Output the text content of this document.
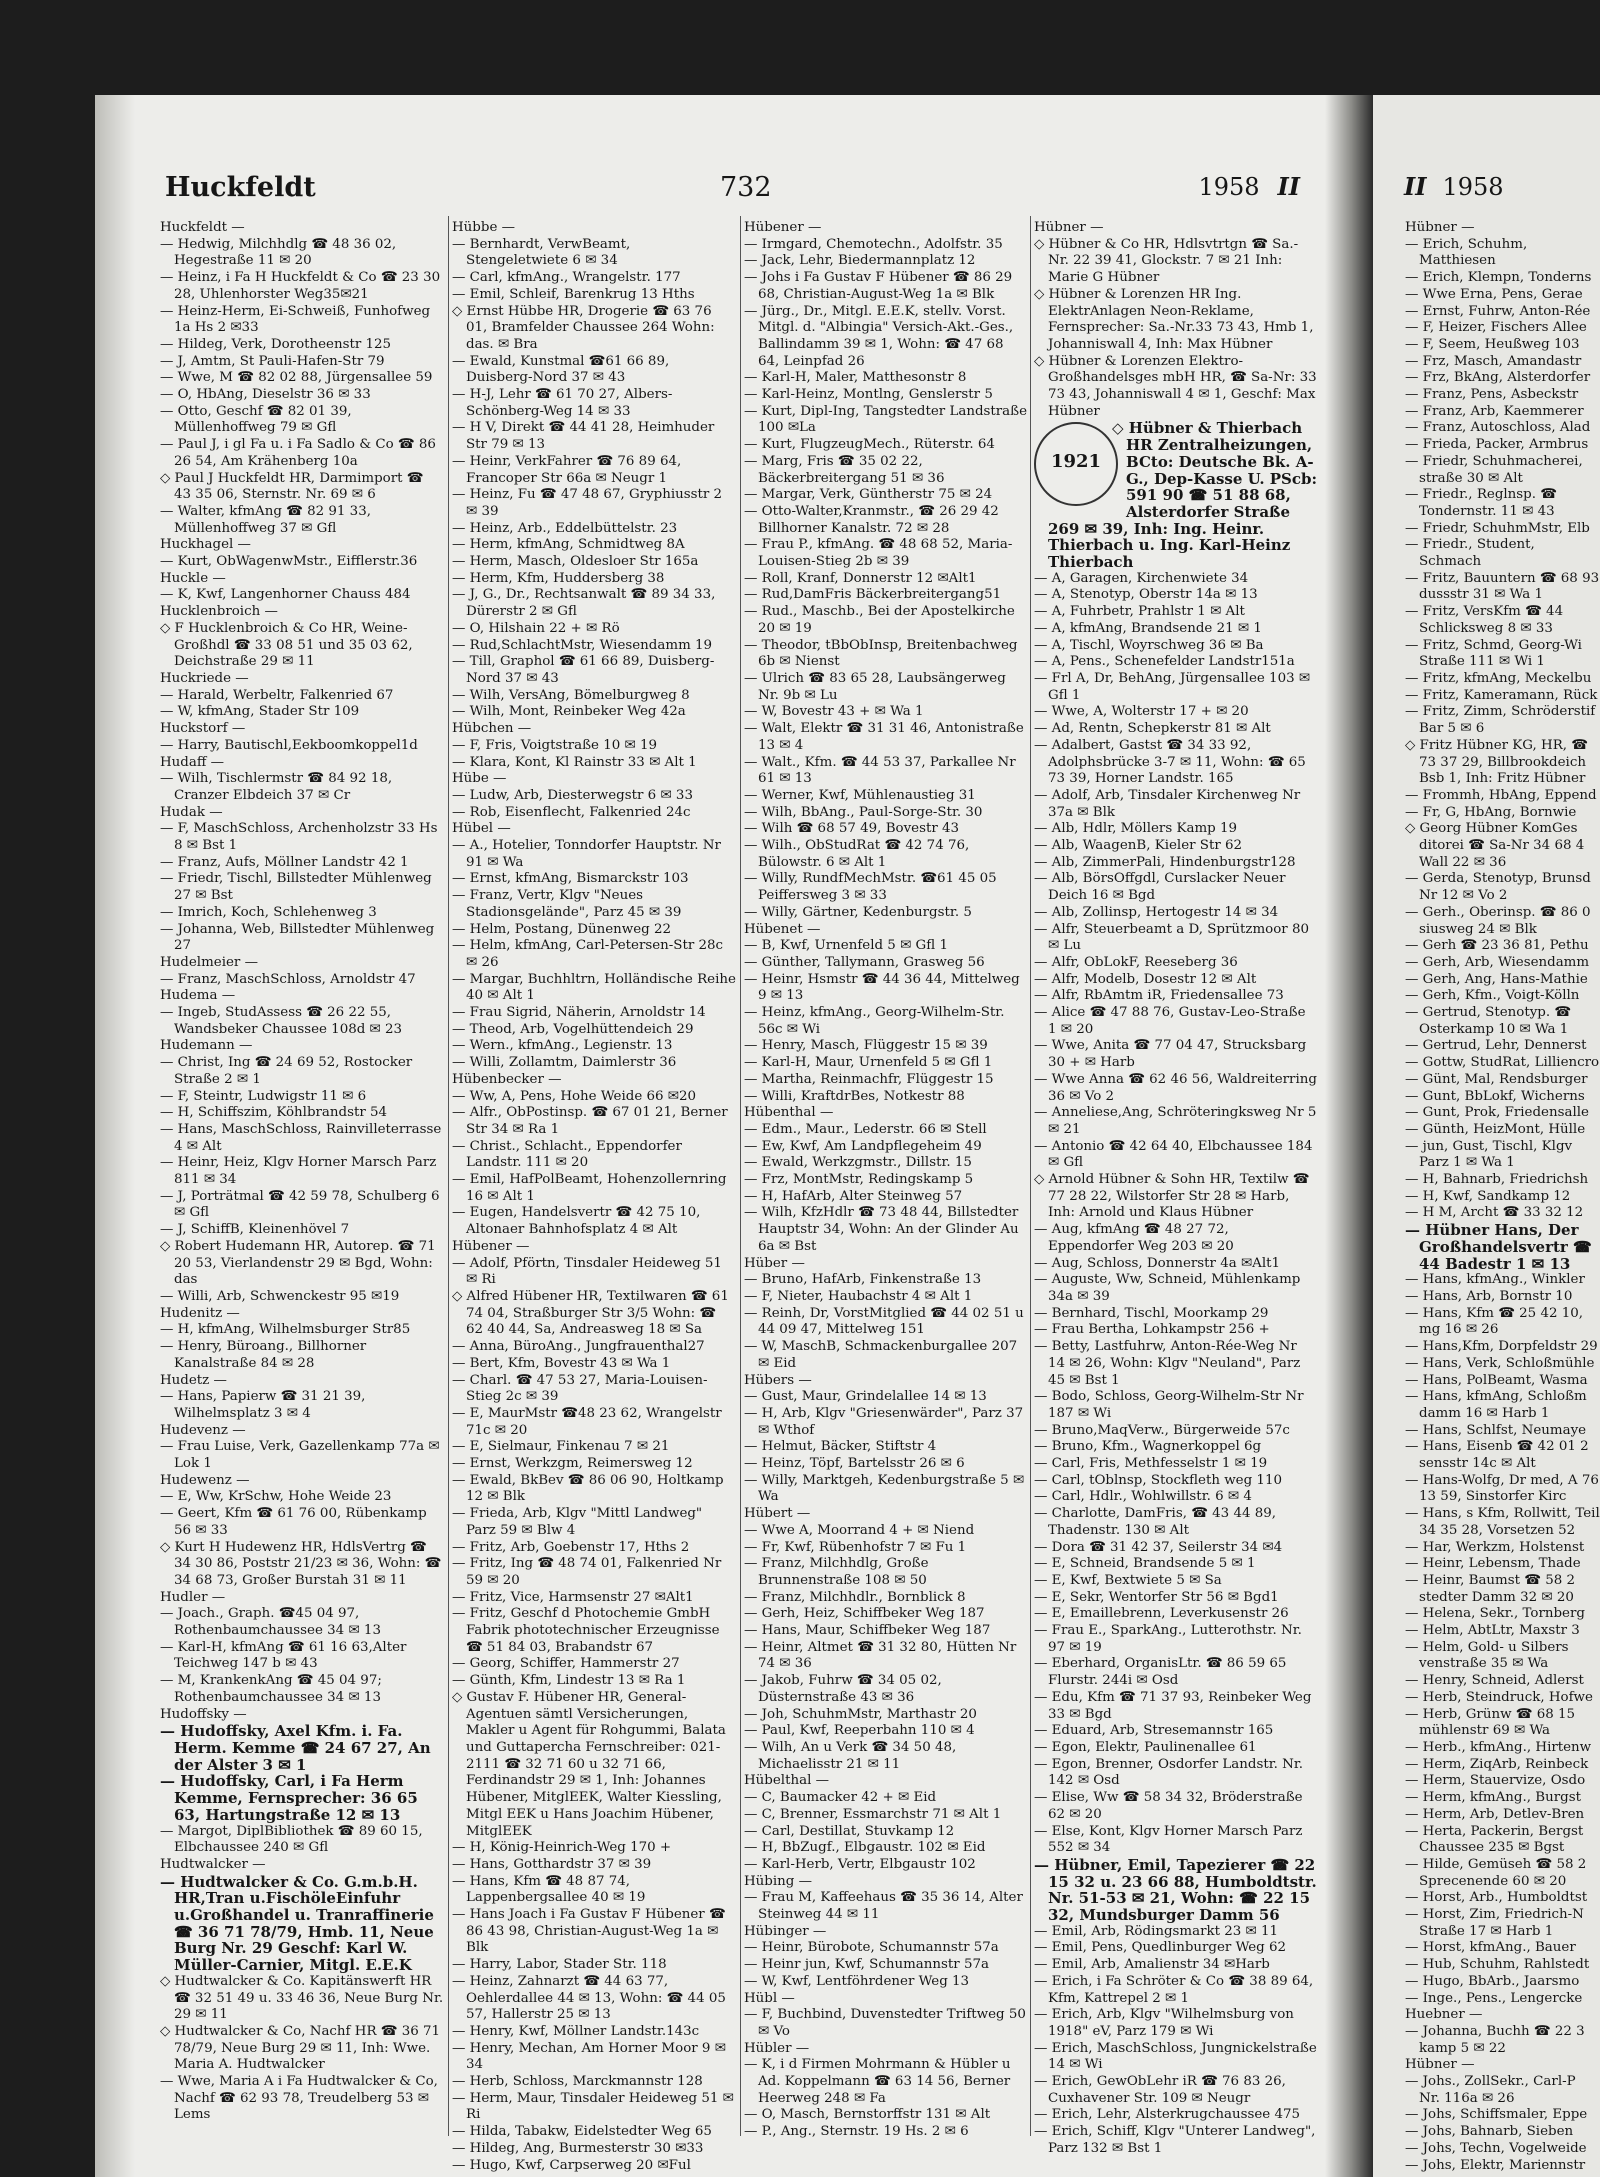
Huckfeldt	732	1958 II	II 1958

Huckfeldt —

— Hedwig, Milchhdlg ☎ 48 36 02, Hegestraße 11 ✉ 20

— Heinz, i Fa H Huckfeldt & Co ☎ 23 30 28, Uhlenhorster Weg35✉21

— Heinz-Herm, Ei-Schweiß, Funhofweg 1a Hs 2 ✉33

— Hildeg, Verk, Dorotheenstr 125

— J, Amtm, St Pauli-Hafen-Str 79

— Wwe, M ☎ 82 02 88, Jürgensallee 59

— O, HbAng, Dieselstr 36 ✉ 33

— Otto, Geschf ☎ 82 01 39, Müllenhoffweg 79 ✉ Gfl

— Paul J, i gl Fa u. i Fa Sadlo & Co ☎ 86 26 54, Am Krähenberg 10a

◇ Paul J Huckfeldt HR, Darmimport ☎ 43 35 06, Sternstr. Nr. 69 ✉ 6

— Walter, kfmAng ☎ 82 91 33, Müllenhoffweg 37 ✉ Gfl

Huckhagel —

— Kurt, ObWagenwMstr., Eifflerstr.36

Huckle —

— K, Kwf, Langenhorner Chauss 484

Hucklenbroich —

◇ F Hucklenbroich & Co HR, Weine-Großhdl ☎ 33 08 51 und 35 03 62, Deichstraße 29 ✉ 11

Huckriede —

— Harald, Werbeltr, Falkenried 67

— W, kfmAng, Stader Str 109

Huckstorf —

— Harry, Bautischl,Eekboomkoppel1d

Hudaff —

— Wilh, Tischlermstr ☎ 84 92 18, Cranzer Elbdeich 37 ✉ Cr

Hudak —

— F, MaschSchloss, Archenholzstr 33 Hs 8 ✉ Bst 1

— Franz, Aufs, Möllner Landstr 42 1

— Friedr, Tischl, Billstedter Mühlenweg 27 ✉ Bst

— Imrich, Koch, Schlehenweg 3

— Johanna, Web, Billstedter Mühlenweg 27

Hudelmeier —

— Franz, MaschSchloss, Arnoldstr 47

Hudema —

— Ingeb, StudAssess ☎ 26 22 55, Wandsbeker Chaussee 108d ✉ 23

Hudemann —

— Christ, Ing ☎ 24 69 52, Rostocker Straße 2 ✉ 1

— F, Steintr, Ludwigstr 11 ✉ 6

— H, Schiffszim, Köhlbrandstr 54

— Hans, MaschSchloss, Rainvilleterrasse 4 ✉ Alt

— Heinr, Heiz, Klgv Horner Marsch Parz 811 ✉ 34

— J, Porträtmal ☎ 42 59 78, Schulberg 6 ✉ Gfl

— J, SchiffB, Kleinenhövel 7

◇ Robert Hudemann HR, Autorep. ☎ 71 20 53, Vierlandenstr 29 ✉ Bgd, Wohn: das

— Willi, Arb, Schwenckestr 95 ✉19

Hudenitz —

— H, kfmAng, Wilhelmsburger Str85

— Henry, Büroang., Billhorner Kanalstraße 84 ✉ 28

Hudetz —

— Hans, Papierw ☎ 31 21 39, Wilhelmsplatz 3 ✉ 4

Hudevenz —

— Frau Luise, Verk, Gazellenkamp 77a ✉ Lok 1

Hudewenz —

— E, Ww, KrSchw, Hohe Weide 23

— Geert, Kfm ☎ 61 76 00, Rübenkamp 56 ✉ 33

◇ Kurt H Hudewenz HR, HdlsVertrg ☎ 34 30 86, Poststr 21/23 ✉ 36, Wohn: ☎ 34 68 73, Großer Burstah 31 ✉ 11

Hudler —

— Joach., Graph. ☎45 04 97, Rothenbaumchaussee 34 ✉ 13

— Karl-H, kfmAng ☎ 61 16 63,Alter Teichweg 147 b ✉ 43

— M, KrankenkAng ☎ 45 04 97; Rothenbaumchaussee 34 ✉ 13

Hudoffsky —

— Hudoffsky, Axel Kfm. i. Fa. Herm. Kemme ☎ 24 67 27, An der Alster 3 ✉ 1

— Hudoffsky, Carl, i Fa Herm Kemme, Fernsprecher: 36 65 63, Hartungstraße 12 ✉ 13

— Margot, DiplBibliothek ☎ 89 60 15, Elbchaussee 240 ✉ Gfl

Hudtwalcker —

— Hudtwalcker & Co. G.m.b.H. HR,Tran u.FischöleEinfuhr u.Großhandel u. Tranraffinerie ☎ 36 71 78/79, Hmb. 11, Neue Burg Nr. 29 Geschf: Karl W. Müller-Carnier, Mitgl. E.E.K

◇ Hudtwalcker & Co. Kapitänswerft HR ☎ 32 51 49 u. 33 46 36, Neue Burg Nr. 29 ✉ 11

◇ Hudtwalcker & Co, Nachf HR ☎ 36 71 78/79, Neue Burg 29 ✉ 11, Inh: Wwe. Maria A. Hudtwalcker

— Wwe, Maria A i Fa Hudtwalcker & Co, Nachf ☎ 62 93 78, Treudelberg 53 ✉ Lems

Hübbe —

— Bernhardt, VerwBeamt, Stengeletwiete 6 ✉ 34

— Carl, kfmAng., Wrangelstr. 177

— Emil, Schleif, Barenkrug 13 Hths

◇ Ernst Hübbe HR, Drogerie ☎ 63 76 01, Bramfelder Chaussee 264 Wohn: das. ✉ Bra

— Ewald, Kunstmal ☎61 66 89, Duisberg-Nord 37 ✉ 43

— H-J, Lehr ☎ 61 70 27, Albers-Schönberg-Weg 14 ✉ 33

— H V, Direkt ☎ 44 41 28, Heimhuder Str 79 ✉ 13

— Heinr, VerkFahrer ☎ 76 89 64, Francoper Str 66a ✉ Neugr 1

— Heinz, Fu ☎ 47 48 67, Gryphiusstr 2 ✉ 39

— Heinz, Arb., Eddelbüttelstr. 23

— Herm, kfmAng, Schmidtweg 8A

— Herm, Masch, Oldesloer Str 165a

— Herm, Kfm, Huddersberg 38

— J, G., Dr., Rechtsanwalt ☎ 89 34 33, Dürerstr 2 ✉ Gfl

— O, Hilshain 22 + ✉ Rö

— Rud,SchlachtMstr, Wiesendamm 19

— Till, Graphol ☎ 61 66 89, Duisberg-Nord 37 ✉ 43

— Wilh, VersAng, Bömelburgweg 8

— Wilh, Mont, Reinbeker Weg 42a

Hübchen —

— F, Fris, Voigtstraße 10 ✉ 19

— Klara, Kont, Kl Rainstr 33 ✉ Alt 1

Hübe —

— Ludw, Arb, Diesterwegstr 6 ✉ 33

— Rob, Eisenflecht, Falkenried 24c

Hübel —

— A., Hotelier, Tonndorfer Hauptstr. Nr 91 ✉ Wa

— Ernst, kfmAng, Bismarckstr 103

— Franz, Vertr, Klgv "Neues Stadionsgelände", Parz 45 ✉ 39

— Helm, Postang, Dünenweg 22

— Helm, kfmAng, Carl-Petersen-Str 28c ✉ 26

— Margar, Buchhltrn, Holländische Reihe 40 ✉ Alt 1

— Frau Sigrid, Näherin, Arnoldstr 14

— Theod, Arb, Vogelhüttendeich 29

— Wern., kfmAng., Legienstr. 13

— Willi, Zollamtm, Daimlerstr 36

Hübenbecker —

— Ww, A, Pens, Hohe Weide 66 ✉20

— Alfr., ObPostinsp. ☎ 67 01 21, Berner Str 34 ✉ Ra 1

— Christ., Schlacht., Eppendorfer Landstr. 111 ✉ 20

— Emil, HafPolBeamt, Hohenzollernring 16 ✉ Alt 1

— Eugen, Handelsvertr ☎ 42 75 10, Altonaer Bahnhofsplatz 4 ✉ Alt

Hübener —

— Adolf, Pförtn, Tinsdaler Heideweg 51 ✉ Ri

◇ Alfred Hübener HR, Textilwaren ☎ 61 74 04, Straßburger Str 3/5 Wohn: ☎ 62 40 44, Sa, Andreasweg 18 ✉ Sa

— Anna, BüroAng., Jungfrauenthal27

— Bert, Kfm, Bovestr 43 ✉ Wa 1

— Charl. ☎ 47 53 27, Maria-Louisen-Stieg 2c ✉ 39

— E, MaurMstr ☎48 23 62, Wrangelstr 71c ✉ 20

— E, Sielmaur, Finkenau 7 ✉ 21

— Ernst, Werkzgm, Reimersweg 12

— Ewald, BkBev ☎ 86 06 90, Holtkamp 12 ✉ Blk

— Frieda, Arb, Klgv "Mittl Landweg" Parz 59 ✉ Blw 4

— Fritz, Arb, Goebenstr 17, Hths 2

— Fritz, Ing ☎ 48 74 01, Falkenried Nr 59 ✉ 20

— Fritz, Vice, Harmsenstr 27 ✉Alt1

— Fritz, Geschf d Photochemie GmbH Fabrik phototechnischer Erzeugnisse ☎ 51 84 03, Brabandstr 67

— Georg, Schiffer, Hammerstr 27

— Günth, Kfm, Lindestr 13 ✉ Ra 1

◇ Gustav F. Hübener HR, General-Agentuen sämtl Versicherungen, Makler u Agent für Rohgummi, Balata und Guttapercha Fernschreiber: 021-2111 ☎ 32 71 60 u 32 71 66, Ferdinandstr 29 ✉ 1, Inh: Johannes Hübener, MitglEEK, Walter Kiessling, Mitgl EEK u Hans Joachim Hübener, MitglEEK

— H, König-Heinrich-Weg 170 +

— Hans, Gotthardstr 37 ✉ 39

— Hans, Kfm ☎ 48 87 74, Lappenbergsallee 40 ✉ 19

— Hans Joach i Fa Gustav F Hübener ☎ 86 43 98, Christian-August-Weg 1a ✉ Blk

— Harry, Labor, Stader Str. 118

— Heinz, Zahnarzt ☎ 44 63 77, Oehlerdallee 44 ✉ 13, Wohn: ☎ 44 05 57, Hallerstr 25 ✉ 13

— Henry, Kwf, Möllner Landstr.143c

— Henry, Mechan, Am Horner Moor 9 ✉ 34

— Herb, Schloss, Marckmannstr 128

— Herm, Maur, Tinsdaler Heideweg 51 ✉ Ri

— Hilda, Tabakw, Eidelstedter Weg 65

— Hildeg, Ang, Burmesterstr 30 ✉33

— Hugo, Kwf, Carpserweg 20 ✉Ful

Hübener —

— Irmgard, Chemotechn., Adolfstr. 35

— Jack, Lehr, Biedermannplatz 12

— Johs i Fa Gustav F Hübener ☎ 86 29 68, Christian-August-Weg 1a ✉ Blk

— Jürg., Dr., Mitgl. E.E.K, stellv. Vorst. Mitgl. d. "Albingia" Versich-Akt.-Ges., Ballindamm 39 ✉ 1, Wohn: ☎ 47 68 64, Leinpfad 26

— Karl-H, Maler, Matthesonstr 8

— Karl-Heinz, Montlng, Genslerstr 5

— Kurt, Dipl-Ing, Tangstedter Landstraße 100 ✉La

— Kurt, FlugzeugMech., Rüterstr. 64

— Marg, Fris ☎ 35 02 22, Bäckerbreitergang 51 ✉ 36

— Margar, Verk, Güntherstr 75 ✉ 24

— Otto-Walter,Kranmstr., ☎ 26 29 42 Billhorner Kanalstr. 72 ✉ 28

— Frau P., kfmAng. ☎ 48 68 52, Maria-Louisen-Stieg 2b ✉ 39

— Roll, Kranf, Donnerstr 12 ✉Alt1

— Rud,DamFris Bäckerbreitergang51

— Rud., Maschb., Bei der Apostelkirche 20 ✉ 19

— Theodor, tBbObInsp, Breitenbachweg 6b ✉ Nienst

— Ulrich ☎ 83 65 28, Laubsängerweg Nr. 9b ✉ Lu

— W, Bovestr 43 + ✉ Wa 1

— Walt, Elektr ☎ 31 31 46, Antonistraße 13 ✉ 4

— Walt., Kfm. ☎ 44 53 37, Parkallee Nr 61 ✉ 13

— Werner, Kwf, Mühlenaustieg 31

— Wilh, BbAng., Paul-Sorge-Str. 30

— Wilh ☎ 68 57 49, Bovestr 43

— Wilh., ObStudRat ☎ 42 74 76, Bülowstr. 6 ✉ Alt 1

— Willy, RundfMechMstr. ☎61 45 05 Peiffersweg 3 ✉ 33

— Willy, Gärtner, Kedenburgstr. 5

Hübenet —

— B, Kwf, Urnenfeld 5 ✉ Gfl 1

— Günther, Tallymann, Grasweg 56

— Heinr, Hsmstr ☎ 44 36 44, Mittelweg 9 ✉ 13

— Heinz, kfmAng., Georg-Wilhelm-Str. 56c ✉ Wi

— Henry, Masch, Flüggestr 15 ✉ 39

— Karl-H, Maur, Urnenfeld 5 ✉ Gfl 1

— Martha, Reinmachfr, Flüggestr 15

— Willi, KraftdrBes, Notkestr 88

Hübenthal —

— Edm., Maur., Lederstr. 66 ✉ Stell

— Ew, Kwf, Am Landpflegeheim 49

— Ewald, Werkzgmstr., Dillstr. 15

— Frz, MontMstr, Redingskamp 5

— H, HafArb, Alter Steinweg 57

— Wilh, KfzHdlr ☎ 73 48 44, Billstedter Hauptstr 34, Wohn: An der Glinder Au 6a ✉ Bst

Hüber —

— Bruno, HafArb, Finkenstraße 13

— F, Nieter, Haubachstr 4 ✉ Alt 1

— Reinh, Dr, VorstMitglied ☎ 44 02 51 u 44 09 47, Mittelweg 151

— W, MaschB, Schmackenburgallee 207 ✉ Eid

Hübers —

— Gust, Maur, Grindelallee 14 ✉ 13

— H, Arb, Klgv "Griesenwärder", Parz 37 ✉ Wthof

— Helmut, Bäcker, Stiftstr 4

— Heinz, Töpf, Bartelsstr 26 ✉ 6

— Willy, Marktgeh, Kedenburgstraße 5 ✉ Wa

Hübert —

— Wwe A, Moorrand 4 + ✉ Niend

— Fr, Kwf, Rübenhofstr 7 ✉ Fu 1

— Franz, Milchhdlg, Große Brunnenstraße 108 ✉ 50

— Franz, Milchhdlr., Bornblick 8

— Gerh, Heiz, Schiffbeker Weg 187

— Hans, Maur, Schiffbeker Weg 187

— Heinr, Altmet ☎ 31 32 80, Hütten Nr 74 ✉ 36

— Jakob, Fuhrw ☎ 34 05 02, Düsternstraße 43 ✉ 36

— Joh, SchuhmMstr, Marthastr 20

— Paul, Kwf, Reeperbahn 110 ✉ 4

— Wilh, An u Verk ☎ 34 50 48, Michaelisstr 21 ✉ 11

Hübelthal —

— C, Baumacker 42 + ✉ Eid

— C, Brenner, Essmarchstr 71 ✉ Alt 1

— Carl, Destillat, Stuvkamp 12

— H, BbZugf., Elbgaustr. 102 ✉ Eid

— Karl-Herb, Vertr, Elbgaustr 102

Hübing —

— Frau M, Kaffeehaus ☎ 35 36 14, Alter Steinweg 44 ✉ 11

Hübinger —

— Heinr, Bürobote, Schumannstr 57a

— Heinr jun, Kwf, Schumannstr 57a

— W, Kwf, Lentföhrdener Weg 13

Hübl —

— F, Buchbind, Duvenstedter Triftweg 50 ✉ Vo

Hübler —

— K, i d Firmen Mohrmann & Hübler u Ad. Koppelmann ☎ 63 14 56, Berner Heerweg 248 ✉ Fa

— O, Masch, Bernstorffstr 131 ✉ Alt

— P., Ang., Sternstr. 19 Hs. 2 ✉ 6

Hübner —

◇ Hübner & Co HR, Hdlsvtrtgn ☎ Sa.-Nr. 22 39 41, Glockstr. 7 ✉ 21 Inh: Marie G Hübner

◇ Hübner & Lorenzen HR Ing. ElektrAnlagen Neon-Reklame, Fernsprecher: Sa.-Nr.33 73 43, Hmb 1, Johanniswall 4, Inh: Max Hübner

◇ Hübner & Lorenzen Elektro-Großhandelsges mbH HR, ☎ Sa-Nr: 33 73 43, Johanniswall 4 ✉ 1, Geschf: Max Hübner

1921

◇ Hübner & Thierbach HR Zentralheizungen, BCto: Deutsche Bk. A-G., Dep-Kasse U. PScb: 591 90 ☎ 51 88 68, Alsterdorfer Straße 269 ✉ 39, Inh: Ing. Heinr. Thierbach u. Ing. Karl-Heinz Thierbach

— A, Garagen, Kirchenwiete 34

— A, Stenotyp, Oberstr 14a ✉ 13

— A, Fuhrbetr, Prahlstr 1 ✉ Alt

— A, kfmAng, Brandsende 21 ✉ 1

— A, Tischl, Woyrschweg 36 ✉ Ba

— A, Pens., Schenefelder Landstr151a

— Frl A, Dr, BehAng, Jürgensallee 103 ✉ Gfl 1

— Wwe, A, Wolterstr 17 + ✉ 20

— Ad, Rentn, Schepkerstr 81 ✉ Alt

— Adalbert, Gastst ☎ 34 33 92, Adolphsbrücke 3-7 ✉ 11, Wohn: ☎ 65 73 39, Horner Landstr. 165

— Adolf, Arb, Tinsdaler Kirchenweg Nr 37a ✉ Blk

— Alb, Hdlr, Möllers Kamp 19

— Alb, WaagenB, Kieler Str 62

— Alb, ZimmerPali, Hindenburgstr128

— Alb, BörsOffgdl, Curslacker Neuer Deich 16 ✉ Bgd

— Alb, Zollinsp, Hertogestr 14 ✉ 34

— Alfr, Steuerbeamt a D, Sprützmoor 80 ✉ Lu

— Alfr, ObLokF, Reeseberg 36

— Alfr, Modelb, Dosestr 12 ✉ Alt

— Alfr, RbAmtm iR, Friedensallee 73

— Alice ☎ 47 88 76, Gustav-Leo-Straße 1 ✉ 20

— Wwe, Anita ☎ 77 04 47, Strucksbarg 30 + ✉ Harb

— Wwe Anna ☎ 62 46 56, Waldreiterring 36 ✉ Vo 2

— Anneliese,Ang, Schröteringksweg Nr 5 ✉ 21

— Antonio ☎ 42 64 40, Elbchaussee 184 ✉ Gfl

◇ Arnold Hübner & Sohn HR, Textilw ☎ 77 28 22, Wilstorfer Str 28 ✉ Harb, Inh: Arnold und Klaus Hübner

— Aug, kfmAng ☎ 48 27 72, Eppendorfer Weg 203 ✉ 20

— Aug, Schloss, Donnerstr 4a ✉Alt1

— Auguste, Ww, Schneid, Mühlenkamp 34a ✉ 39

— Bernhard, Tischl, Moorkamp 29

— Frau Bertha, Lohkampstr 256 +

— Betty, Lastfuhrw, Anton-Rée-Weg Nr 14 ✉ 26, Wohn: Klgv "Neuland", Parz 45 ✉ Bst 1

— Bodo, Schloss, Georg-Wilhelm-Str Nr 187 ✉ Wi

— Bruno,MaqVerw., Bürgerweide 57c

— Bruno, Kfm., Wagnerkoppel 6g

— Carl, Fris, Methfesselstr 1 ✉ 19

— Carl, tOblnsp, Stockfleth weg 110

— Carl, Hdlr., Wohlwillstr. 6 ✉ 4

— Charlotte, DamFris, ☎ 43 44 89, Thadenstr. 130 ✉ Alt

— Dora ☎ 31 42 37, Seilerstr 34 ✉4

— E, Schneid, Brandsende 5 ✉ 1

— E, Kwf, Bextwiete 5 ✉ Sa

— E, Sekr, Wentorfer Str 56 ✉ Bgd1

— E, Emaillebrenn, Leverkusenstr 26

— Frau E., SparkAng., Lutterothstr. Nr. 97 ✉ 19

— Eberhard, OrganisLtr. ☎ 86 59 65 Flurstr. 244i ✉ Osd

— Edu, Kfm ☎ 71 37 93, Reinbeker Weg 33 ✉ Bgd

— Eduard, Arb, Stresemannstr 165

— Egon, Elektr, Paulinenallee 61

— Egon, Brenner, Osdorfer Landstr. Nr. 142 ✉ Osd

— Elise, Ww ☎ 58 34 32, Bröderstraße 62 ✉ 20

— Else, Kont, Klgv Horner Marsch Parz 552 ✉ 34

— Hübner, Emil, Tapezierer ☎ 22 15 32 u. 23 66 88, Humboldtstr. Nr. 51-53 ✉ 21, Wohn: ☎ 22 15 32, Mundsburger Damm 56

— Emil, Arb, Rödingsmarkt 23 ✉ 11

— Emil, Pens, Quedlinburger Weg 62

— Emil, Arb, Amalienstr 34 ✉Harb

— Erich, i Fa Schröter & Co ☎ 38 89 64, Kfm, Kattrepel 2 ✉ 1

— Erich, Arb, Klgv "Wilhelmsburg von 1918" eV, Parz 179 ✉ Wi

— Erich, MaschSchloss, Jungnickelstraße 14 ✉ Wi

— Erich, GewObLehr iR ☎ 76 83 26, Cuxhavener Str. 109 ✉ Neugr

— Erich, Lehr, Alsterkrugchaussee 475

— Erich, Schiff, Klgv "Unterer Landweg", Parz 132 ✉ Bst 1

Hübner —

— Erich, Schuhm, Matthiesen

— Erich, Klempn, Tonderns

— Wwe Erna, Pens, Gerae

— Ernst, Fuhrw, Anton-Rée

— F, Heizer, Fischers Allee

— F, Seem, Heußweg 103

— Frz, Masch, Amandastr

— Frz, BkAng, Alsterdorfer

— Franz, Pens, Asbeckstr

— Franz, Arb, Kaemmerer

— Franz, Autoschloss, Alad

— Frieda, Packer, Armbrus

— Friedr, Schuhmacherei, straße 30 ✉ Alt

— Friedr., Reglnsp. ☎ Tondernstr. 11 ✉ 43

— Friedr, SchuhmMstr, Elb

— Friedr., Student, Schmach

— Fritz, Bauuntern ☎ 68 93 dussstr 31 ✉ Wa 1

— Fritz, VersKfm ☎ 44 Schlicksweg 8 ✉ 33

— Fritz, Schmd, Georg-Wi Straße 111 ✉ Wi 1

— Fritz, kfmAng, Meckelbu

— Fritz, Kameramann, Rück

— Fritz, Zimm, Schröderstif Bar 5 ✉ 6

◇ Fritz Hübner KG, HR, ☎ 73 37 29, Billbrookdeich Bsb 1, Inh: Fritz Hübner

— Frommh, HbAng, Eppend

— Fr, G, HbAng, Bornwie

◇ Georg Hübner KomGes ditorei ☎ Sa-Nr 34 68 4 Wall 22 ✉ 36

— Gerda, Stenotyp, Brunsd Nr 12 ✉ Vo 2

— Gerh., Oberinsp. ☎ 86 0 siusweg 24 ✉ Blk

— Gerh ☎ 23 36 81, Pethu

— Gerh, Arb, Wiesendamm

— Gerh, Ang, Hans-Mathie

— Gerh, Kfm., Voigt-Kölln

— Gertrud, Stenotyp. ☎ Osterkamp 10 ✉ Wa 1

— Gertrud, Lehr, Dennerst

— Gottw, StudRat, Lilliencro

— Günt, Mal, Rendsburger

— Gunt, BbLokf, Wicherns

— Gunt, Prok, Friedensalle

— Günth, HeizMont, Hülle

— jun, Gust, Tischl, Klgv Parz 1 ✉ Wa 1

— H, Bahnarb, Friedrichsh

— H, Kwf, Sandkamp 12

— H M, Archt ☎ 33 32 12

— Hübner Hans, Der Großhandelsvertr ☎ 44 Badestr 1 ✉ 13

— Hans, kfmAng., Winkler

— Hans, Arb, Bornstr 10

— Hans, Kfm ☎ 25 42 10, mg 16 ✉ 26

— Hans,Kfm, Dorpfeldstr 29

— Hans, Verk, Schloßmühle

— Hans, PolBeamt, Wasma

— Hans, kfmAng, Schloßm damm 16 ✉ Harb 1

— Hans, Schlfst, Neumaye

— Hans, Eisenb ☎ 42 01 2 sensstr 14c ✉ Alt

— Hans-Wolfg, Dr med, A 76 13 59, Sinstorfer Kirc

— Hans, s Kfm, Rollwitt, Teil 34 35 28, Vorsetzen 52

— Har, Werkzm, Holstenst

— Heinr, Lebensm, Thade

— Heinr, Baumst ☎ 58 2 stedter Damm 32 ✉ 20

— Helena, Sekr., Tornberg

— Helm, AbtLtr, Maxstr 3

— Helm, Gold- u Silbers venstraße 35 ✉ Wa

— Henry, Schneid, Adlerst

— Herb, Steindruck, Hofwe

— Herb, Grünw ☎ 68 15 mühlenstr 69 ✉ Wa

— Herb., kfmAng., Hirtenw

— Herm, ZiqArb, Reinbeck

— Herm, Stauervize, Osdo

— Herm, kfmAng., Burgst

— Herm, Arb, Detlev-Bren

— Herta, Packerin, Bergst Chaussee 235 ✉ Bgst

— Hilde, Gemüseh ☎ 58 2 Sprecenende 60 ✉ 20

— Horst, Arb., Humboldtst

— Horst, Zim, Friedrich-N Straße 17 ✉ Harb 1

— Horst, kfmAng., Bauer

— Hub, Schuhm, Rahlstedt

— Hugo, BbArb., Jaarsmo

— Inge., Pens., Lengercke

Huebner —

— Johanna, Buchh ☎ 22 3 kamp 5 ✉ 22

Hübner —

— Johs., ZollSekr., Carl-P Nr. 116a ✉ 26

— Johs, Schiffsmaler, Eppe

— Johs, Bahnarb, Sieben

— Johs, Techn, Vogelweide

— Johs, Elektr, Mariennstr
